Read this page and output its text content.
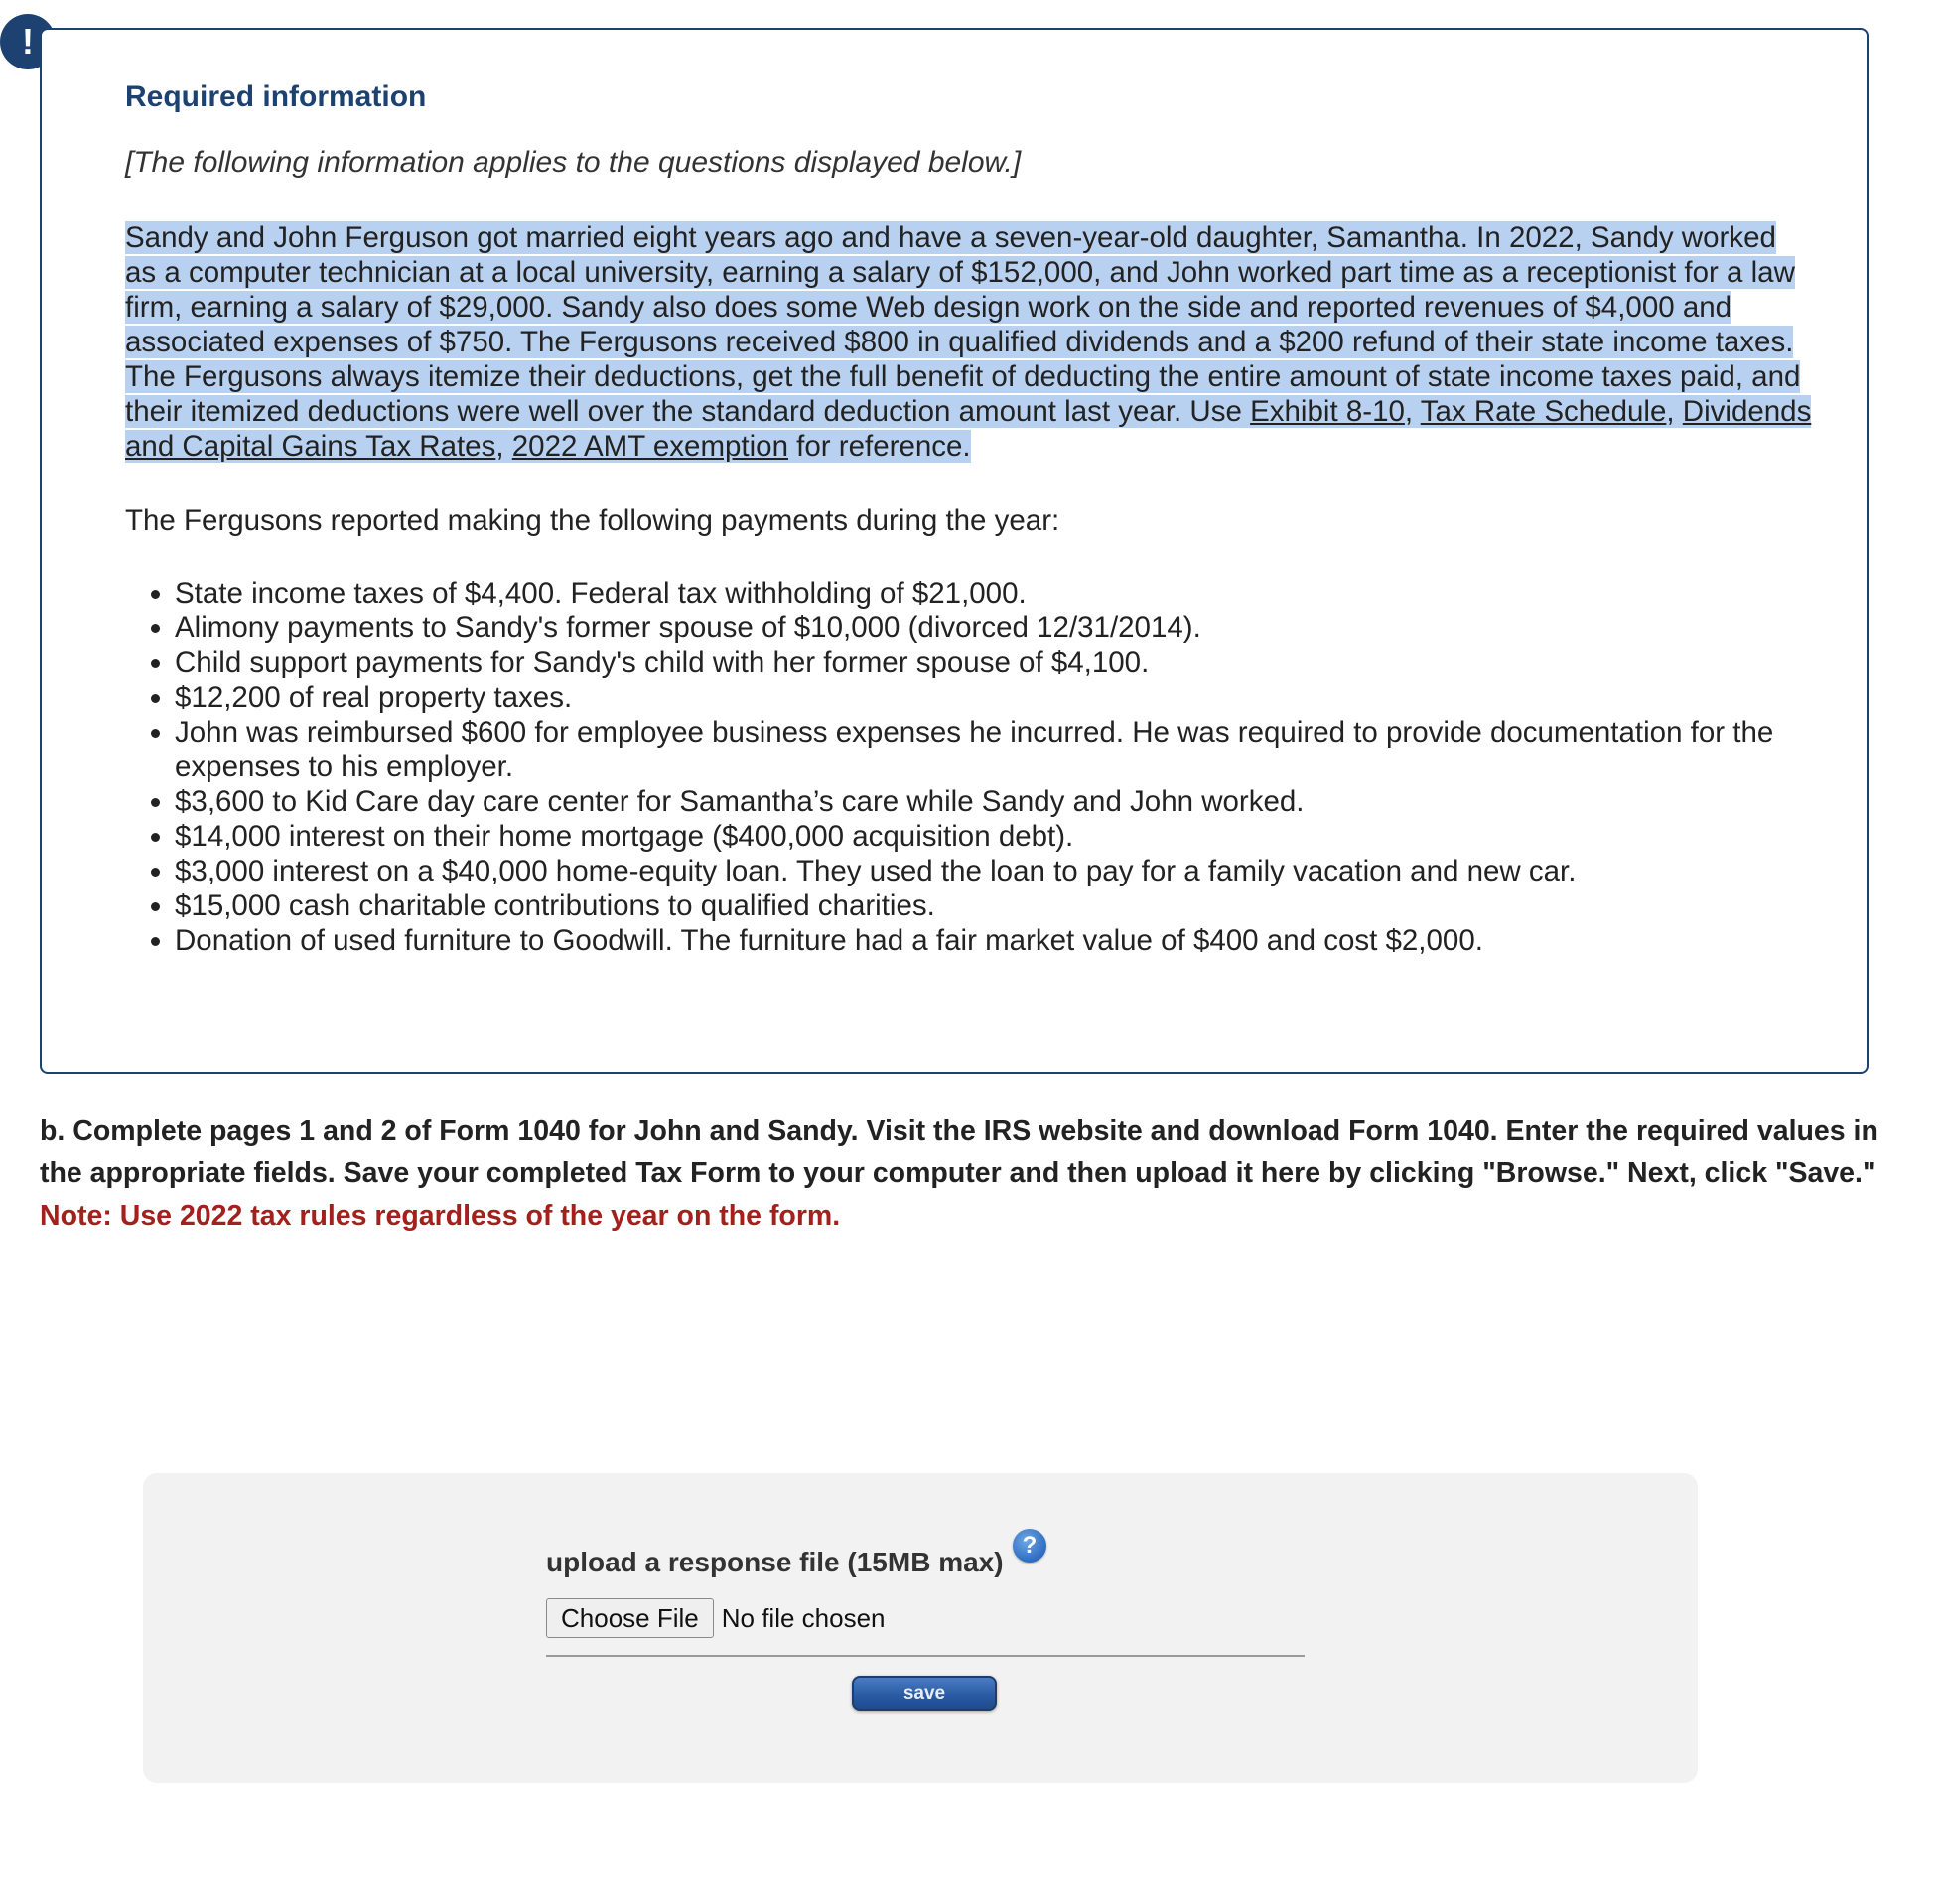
!

Required information

[The following information applies to the questions displayed below.]

Sandy and John Ferguson got married eight years ago and have a seven-year-old daughter, Samantha. In 2022, Sandy worked as a computer technician at a local university, earning a salary of $152,000, and John worked part time as a receptionist for a law firm, earning a salary of $29,000. Sandy also does some Web design work on the side and reported revenues of $4,000 and associated expenses of $750. The Fergusons received $800 in qualified dividends and a $200 refund of their state income taxes. The Fergusons always itemize their deductions, get the full benefit of deducting the entire amount of state income taxes paid, and their itemized deductions were well over the standard deduction amount last year. Use Exhibit 8-10, Tax Rate Schedule, Dividends and Capital Gains Tax Rates, 2022 AMT exemption for reference.
The Fergusons reported making the following payments during the year:
• State income taxes of $4,400. Federal tax withholding of $21,000.
• Alimony payments to Sandy's former spouse of $10,000 (divorced 12/31/2014).
• Child support payments for Sandy's child with her former spouse of $4,100.
• $12,200 of real property taxes.
• John was reimbursed $600 for employee business expenses he incurred. He was required to provide documentation for the expenses to his employer.
• $3,600 to Kid Care day care center for Samantha’s care while Sandy and John worked.
• $14,000 interest on their home mortgage ($400,000 acquisition debt).
• $3,000 interest on a $40,000 home-equity loan. They used the loan to pay for a family vacation and new car.
• $15,000 cash charitable contributions to qualified charities.
• Donation of used furniture to Goodwill. The furniture had a fair market value of $400 and cost $2,000.
b. Complete pages 1 and 2 of Form 1040 for John and Sandy. Visit the IRS website and download Form 1040. Enter the required values in the appropriate fields. Save your completed Tax Form to your computer and then upload it here by clicking "Browse." Next, click "Save."
Note: Use 2022 tax rules regardless of the year on the form.
upload a response file (15MB max)
?
Choose File No file chosen
save
